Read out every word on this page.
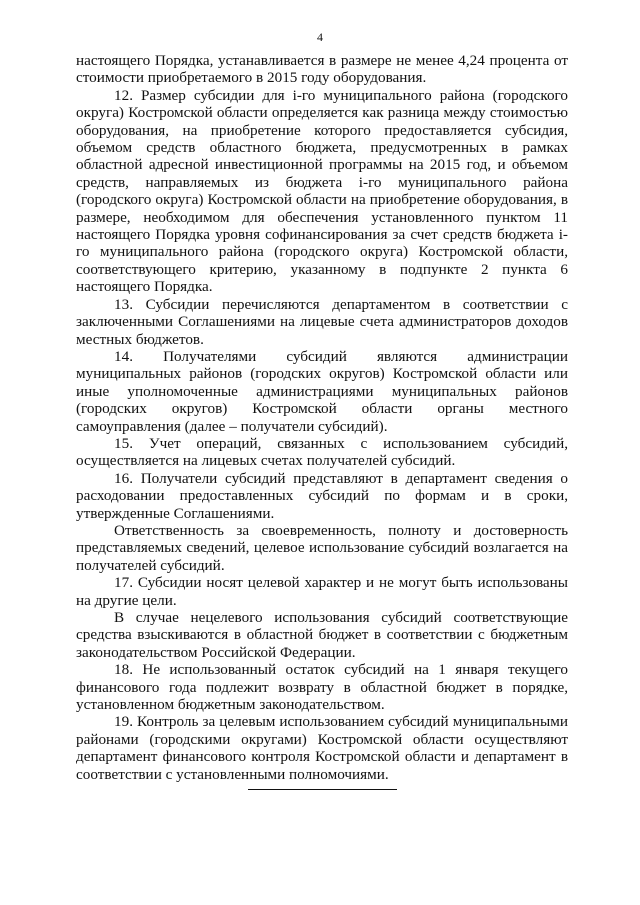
4

настоящего Порядка, устанавливается в размере не менее 4,24 процента от стоимости приобретаемого в 2015 году оборудования.

12. Размер субсидии для i-го муниципального района (городского округа) Костромской области определяется как разница между стоимостью оборудования, на приобретение которого предоставляется субсидия, объемом средств областного бюджета, предусмотренных в рамках областной адресной инвестиционной программы на 2015 год, и объемом средств, направляемых из бюджета i-го муниципального района (городского округа) Костромской области на приобретение оборудования, в размере, необходимом для обеспечения установленного пунктом 11 настоящего Порядка уровня софинансирования за счет средств бюджета i-го муниципального района (городского округа) Костромской области, соответствующего критерию, указанному в подпункте 2 пункта 6 настоящего Порядка.

13. Субсидии перечисляются департаментом в соответствии с заключенными Соглашениями на лицевые счета администраторов доходов местных бюджетов.

14. Получателями субсидий являются администрации муниципальных районов (городских округов) Костромской области или иные уполномоченные администрациями муниципальных районов (городских округов) Костромской области органы местного самоуправления (далее – получатели субсидий).

15. Учет операций, связанных с использованием субсидий, осуществляется на лицевых счетах получателей субсидий.

16. Получатели субсидий представляют в департамент сведения о расходовании предоставленных субсидий по формам и в сроки, утвержденные Соглашениями.

Ответственность за своевременность, полноту и достоверность представляемых сведений, целевое использование субсидий возлагается на получателей субсидий.

17. Субсидии носят целевой характер и не могут быть использованы на другие цели.

В случае нецелевого использования субсидий соответствующие средства взыскиваются в областной бюджет в соответствии с бюджетным законодательством Российской Федерации.

18. Не использованный остаток субсидий на 1 января текущего финансового года подлежит возврату в областной бюджет в порядке, установленном бюджетным законодательством.

19. Контроль за целевым использованием субсидий муниципальными районами (городскими округами) Костромской области осуществляют департамент финансового контроля Костромской области и департамент в соответствии с установленными полномочиями.
